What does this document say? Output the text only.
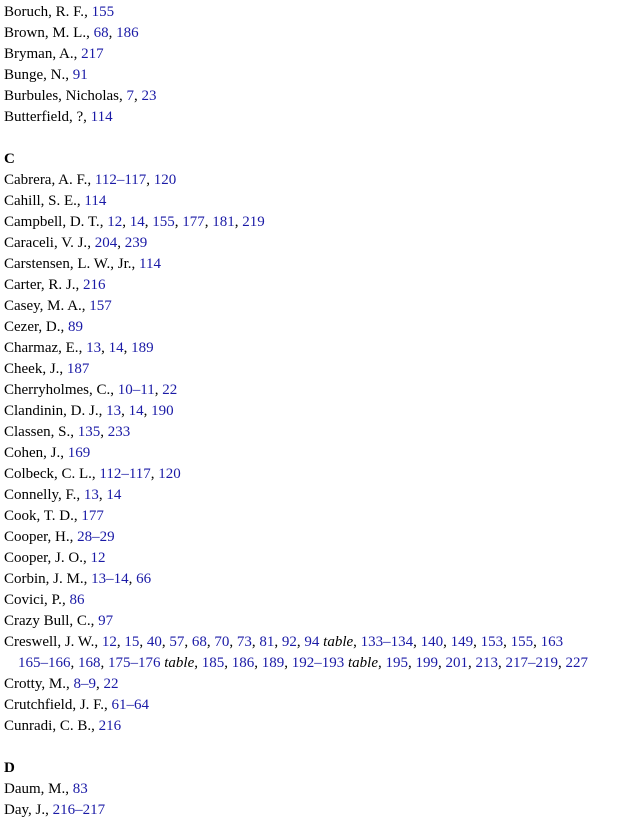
Boruch, R. F., 155
Brown, M. L., 68, 186
Bryman, A., 217
Bunge, N., 91
Burbules, Nicholas, 7, 23
Butterfield, ?, 114
C
Cabrera, A. F., 112–117, 120
Cahill, S. E., 114
Campbell, D. T., 12, 14, 155, 177, 181, 219
Caraceli, V. J., 204, 239
Carstensen, L. W., Jr., 114
Carter, R. J., 216
Casey, M. A., 157
Cezer, D., 89
Charmaz, E., 13, 14, 189
Cheek, J., 187
Cherryholmes, C., 10–11, 22
Clandinin, D. J., 13, 14, 190
Classen, S., 135, 233
Cohen, J., 169
Colbeck, C. L., 112–117, 120
Connelly, F., 13, 14
Cook, T. D., 177
Cooper, H., 28–29
Cooper, J. O., 12
Corbin, J. M., 13–14, 66
Covici, P., 86
Crazy Bull, C., 97
Creswell, J. W., 12, 15, 40, 57, 68, 70, 73, 81, 92, 94 table, 133–134, 140, 149, 153, 155, 163
165–166, 168, 175–176 table, 185, 186, 189, 192–193 table, 195, 199, 201, 213, 217–219, 227
Crotty, M., 8–9, 22
Crutchfield, J. F., 61–64
Cunradi, C. B., 216
D
Daum, M., 83
Day, J., 216–217
